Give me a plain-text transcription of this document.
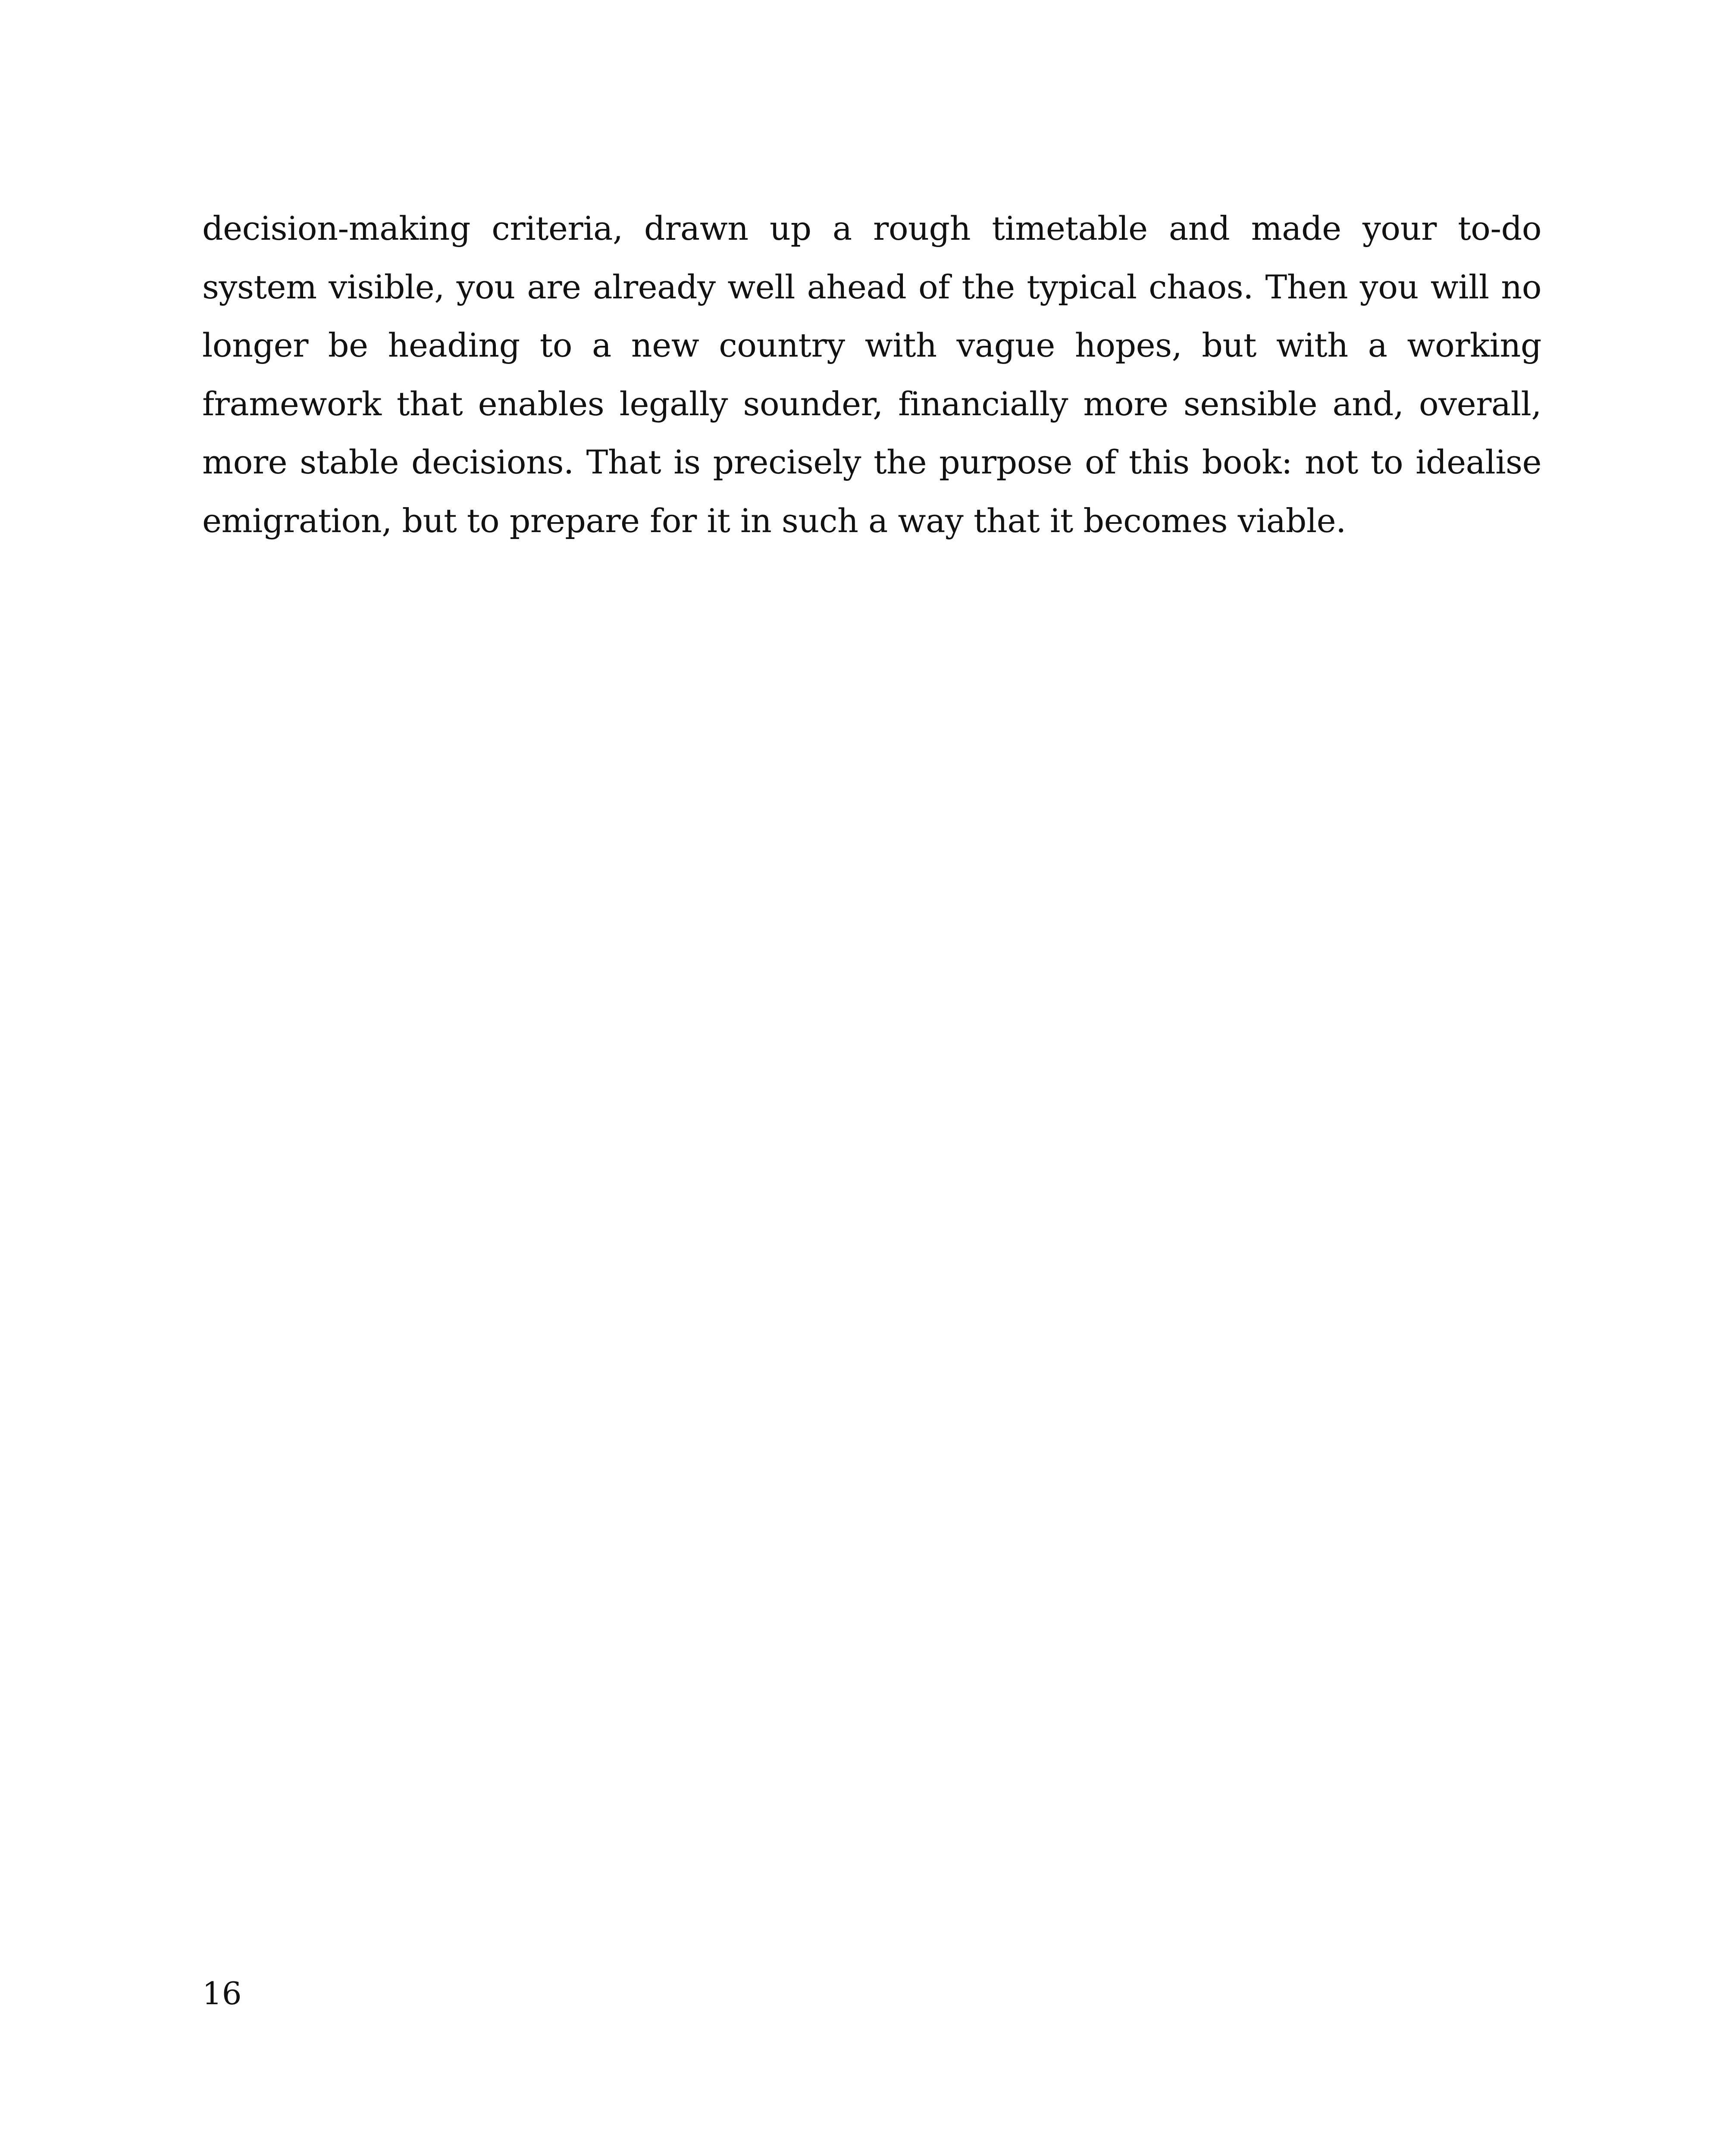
decision-making criteria, drawn up a rough timetable and made your to-do
system visible, you are already well ahead of the typical chaos. Then you will no
longer be heading to a new country with vague hopes, but with a working
framework that enables legally sounder, financially more sensible and, overall,
more stable decisions. That is precisely the purpose of this book: not to idealise
emigration, but to prepare for it in such a way that it becomes viable.

16
